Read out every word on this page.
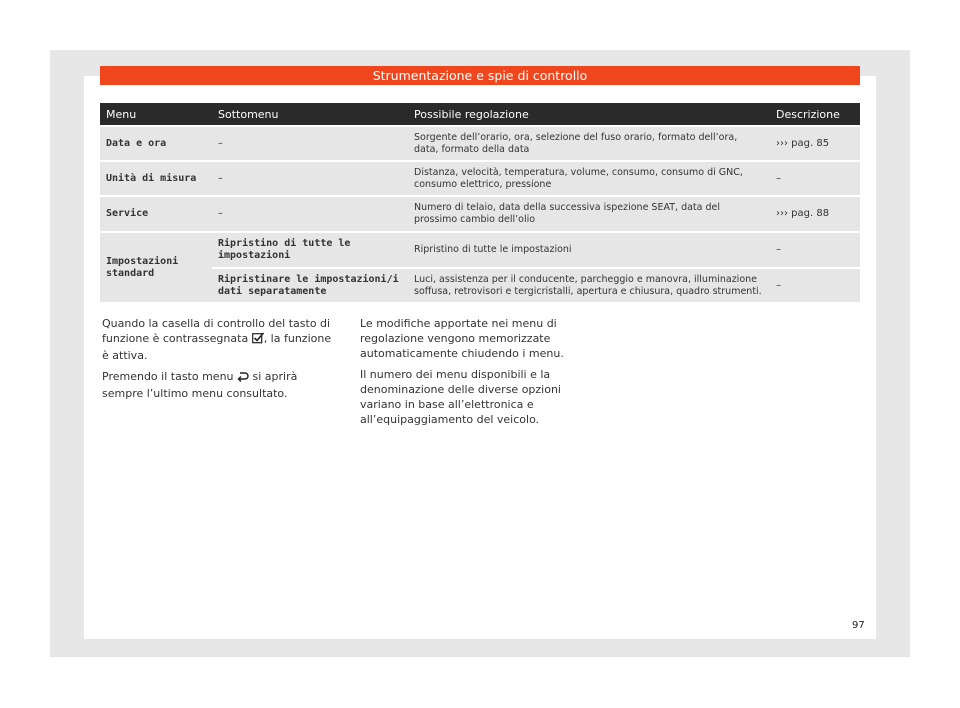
Strumentazione e spie di controllo
Menu	Sottomenu	Possibile regolazione	Descrizione
Data e ora	–	Sorgente dell’orario, ora, selezione del fuso orario, formato dell’ora, data, formato della data	››› pag. 85
Unità di misura	–	Distanza, velocità, temperatura, volume, consumo, consumo di GNC, consumo elettrico, pressione	–
Service	–	Numero di telaio, data della successiva ispezione SEAT, data del prossimo cambio dell’olio	››› pag. 88
Impostazioni standard	Ripristino di tutte le impostazioni	Ripristino di tutte le impostazioni	–
	Ripristinare le impostazioni/i dati separatamente	Luci, assistenza per il conducente, parcheggio e manovra, illuminazione soffusa, retrovisori e tergicristalli, apertura e chiusura, quadro strumenti.	–

Quando la casella di controllo del tasto di funzione è contrassegnata , la funzione è attiva.

Premendo il tasto menu  si aprirà sempre l’ultimo menu consultato.

Le modifiche apportate nei menu di regolazione vengono memorizzate automaticamente chiudendo i menu.

Il numero dei menu disponibili e la denominazione delle diverse opzioni variano in base all’elettronica e all’equipaggiamento del veicolo.

97
